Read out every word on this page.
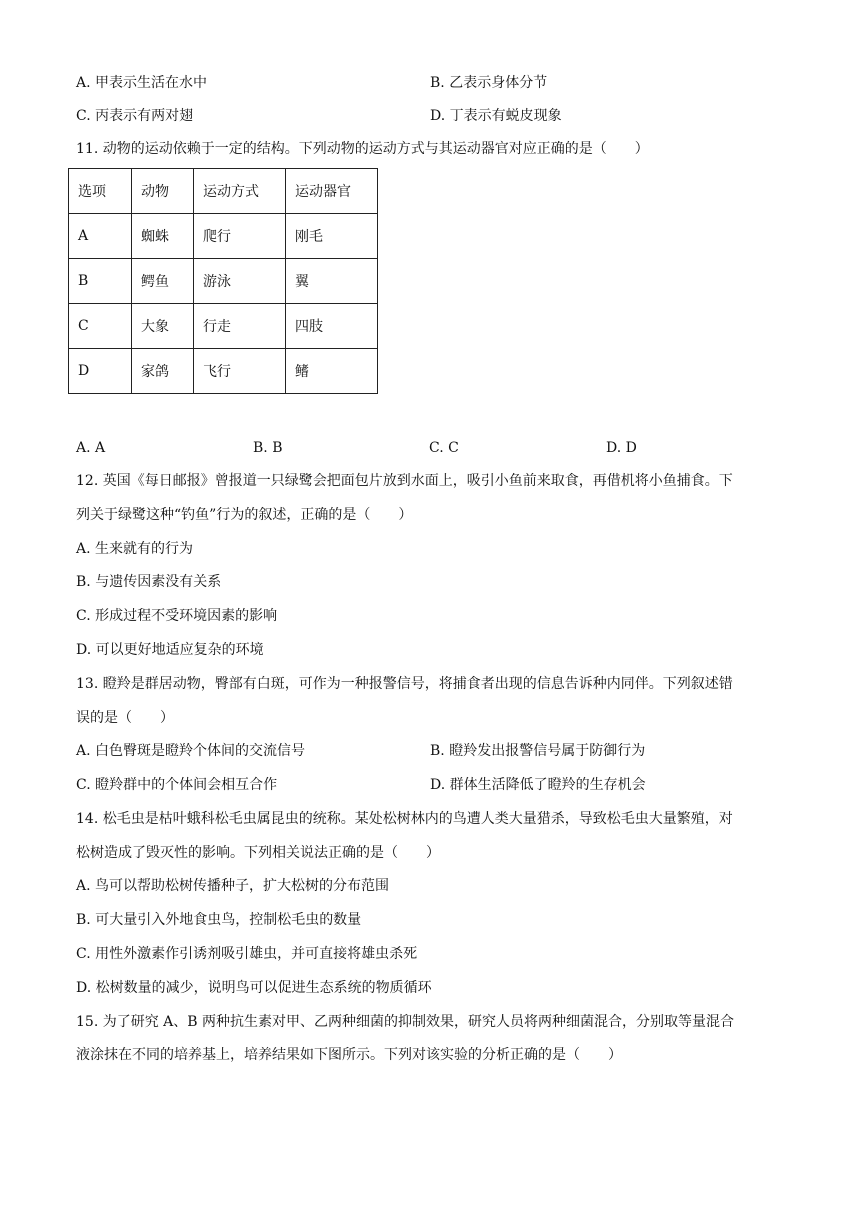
A. 甲表示生活在水中	B. 乙表示身体分节
C. 丙表示有两对翅	D. 丁表示有蜕皮现象
11. 动物的运动依赖于一定的结构。下列动物的运动方式与其运动器官对应正确的是（　　）
选项	动物	运动方式	运动器官
A	蜘蛛	爬行	刚毛
B	鳄鱼	游泳	翼
C	大象	行走	四肢
D	家鸽	飞行	鳍
A. A	B. B	C. C	D. D
12. 英国《每日邮报》曾报道一只绿鹭会把面包片放到水面上，吸引小鱼前来取食，再借机将小鱼捕食。下
列关于绿鹭这种“钓鱼”行为的叙述，正确的是（　　）
A. 生来就有的行为
B. 与遗传因素没有关系
C. 形成过程不受环境因素的影响
D. 可以更好地适应复杂的环境
13. 瞪羚是群居动物，臀部有白斑，可作为一种报警信号，将捕食者出现的信息告诉种内同伴。下列叙述错
误的是（　　）
A. 白色臀斑是瞪羚个体间的交流信号	B. 瞪羚发出报警信号属于防御行为
C. 瞪羚群中的个体间会相互合作	D. 群体生活降低了瞪羚的生存机会
14. 松毛虫是枯叶蛾科松毛虫属昆虫的统称。某处松树林内的鸟遭人类大量猎杀，导致松毛虫大量繁殖，对
松树造成了毁灭性的影响。下列相关说法正确的是（　　）
A. 鸟可以帮助松树传播种子，扩大松树的分布范围
B. 可大量引入外地食虫鸟，控制松毛虫的数量
C. 用性外激素作引诱剂吸引雄虫，并可直接将雄虫杀死
D. 松树数量的减少，说明鸟可以促进生态系统的物质循环
15. 为了研究 A、B 两种抗生素对甲、乙两种细菌的抑制效果，研究人员将两种细菌混合，分别取等量混合
液涂抹在不同的培养基上，培养结果如下图所示。下列对该实验的分析正确的是（　　）
